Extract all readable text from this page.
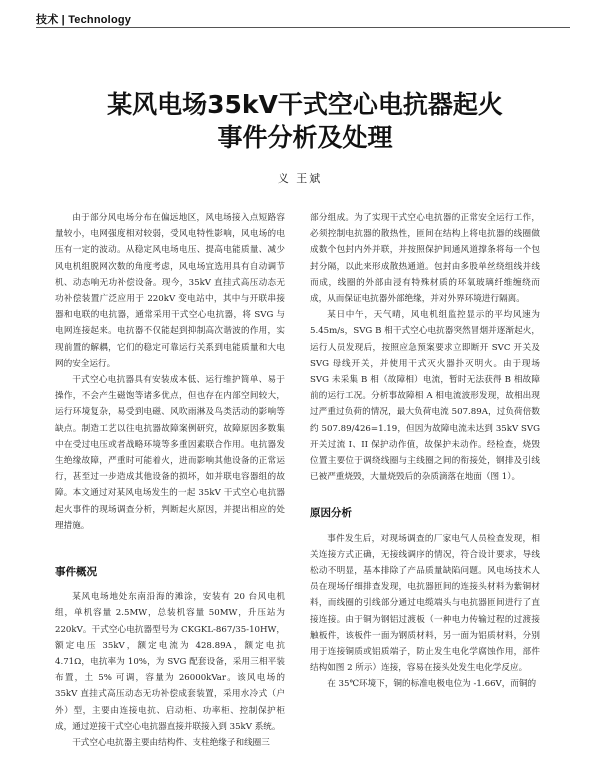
技术 | Technology
某风电场35kV干式空心电抗器起火
事件分析及处理
义 王斌

由于部分风电场分布在偏远地区，风电场接入点短路容量较小，电网强度相对较弱，受风电特性影响，风电场的电压有一定的波动。从稳定风电场电压、提高电能质量、减少风电机组脱网次数的角度考虑，风电场宜选用具有自动调节机、动态响无功补偿设备。现今，35kV 直挂式高压动态无功补偿装置广泛应用于 220kV 变电站中，其中与开联串接器和电联的电抗器，通常采用干式空心电抗器，将 SVG 与电网连接起来。电抗器不仅能起到抑制高次谐波的作用，实现前置的解耦，它们的稳定可靠运行关系到电能质量和大电网的安全运行。

干式空心电抗器具有安装成本低、运行维护简单、易于操作，不会产生磁饱等诸多优点，但也存在内部空间较大，运行环境复杂，易受到电磁、风吹雨淋及鸟类活动的影响等缺点。制造工艺以往电抗器故障案例研究，故障原因多数集中在受过电压或者战略环境等多重因素联合作用。电抗器发生绝缘故障，严重时可能着火，进而影响其他设备的正常运行，甚至过一步造成其他设备的损坏，如并联电容器组的故障。本文通过对某风电场发生的一起 35kV 干式空心电抗器起火事件的现场调查分析，判断起火原因，并提出相应的处理措施。

事件概况

某风电场地处东南沿海的滩涂，安装有 20 台风电机组，单机容量 2.5MW，总装机容量 50MW，升压站为 220kV。干式空心电抗器型号为 CKGKL-867/35-10HW，额定电压 35kV，额定电流为 428.89A，额定电抗 4.71Ω，电抗率为 10%，为 SVG 配套设备，采用三相平装布置，土 5% 可调，容量为 26000kVar。该风电场的 35kV 直挂式高压动态无功补偿成套装置，采用水冷式（户外）型，主要由连接电抗、启动柜、功率柜、控制保护柜成，通过逆接干式空心电抗器直接并联接入到 35kV 系统。

干式空心电抗器主要由结构件、支柱绝缘子和线圈三

部分组成。为了实现干式空心电抗器的正常安全运行工作，必须控制电抗器的散热性，匝间在结构上将电抗器的线圈做成数个包封内外并联，并按照保护间通风道撑条将每一个包封分隔，以此来形成散热通道。包封由多股单丝绕组线并线而成，线圈的外部由浸有特殊材质的环氧玻璃纤维缠绕而成，从而保证电抗器外部绝缘，并对外界环境进行隔离。

某日中午，天气晴，风电机组监控显示的平均风速为 5.45m/s，SVG B 相干式空心电抗器突然冒烟并逐渐起火，运行人员发现后，按照应急预案要求立即断开 SVC 开关及 SVG 母线开关，并使用干式灭火器扑灭明火。由于现场 SVG 未采集 B 相（故障相）电流，暂时无法获得 B 相故障前的运行工况。分析事故障相 A 相电流波形发现，故相出现过严重过负荷的情况，最大负荷电流 507.89A，过负荷倍数约 507.89/426=1.19，但因为故障电流未达到 35kV SVG 开关过流 I、II 保护动作值，故保护未动作。经检查，烧毁位置主要位于调绕线圈与主线圈之间的衔接处，钢排及引线已被严重烧毁，大量烧毁后的杂质滴落在地面（图 1）。

原因分析

事件发生后，对现场调查的厂家电气人员检查发现，相关连接方式正确，无接线调序的情况，符合设计要求，导线松动不明显，基本排除了产品质量缺陷问题。风电场技术人员在现场仔细排查发现，电抗器匝间的连接头材料为紫铜材料，而线圈的引线部分通过电缆端头与电抗器匝间进行了直接连接。由于铜为钢铝过渡板（一种电力传输过程的过渡接触板件，该板件一面为钢质材料，另一面为铝质材料，分别用于连接铜质或铝质端子，防止发生电化学腐蚀作用，部件结构如图 2 所示）连接，容易在接头处发生电化学反应。

在 35℃环境下，铜的标准电极电位为 -1.66V，而铜的
